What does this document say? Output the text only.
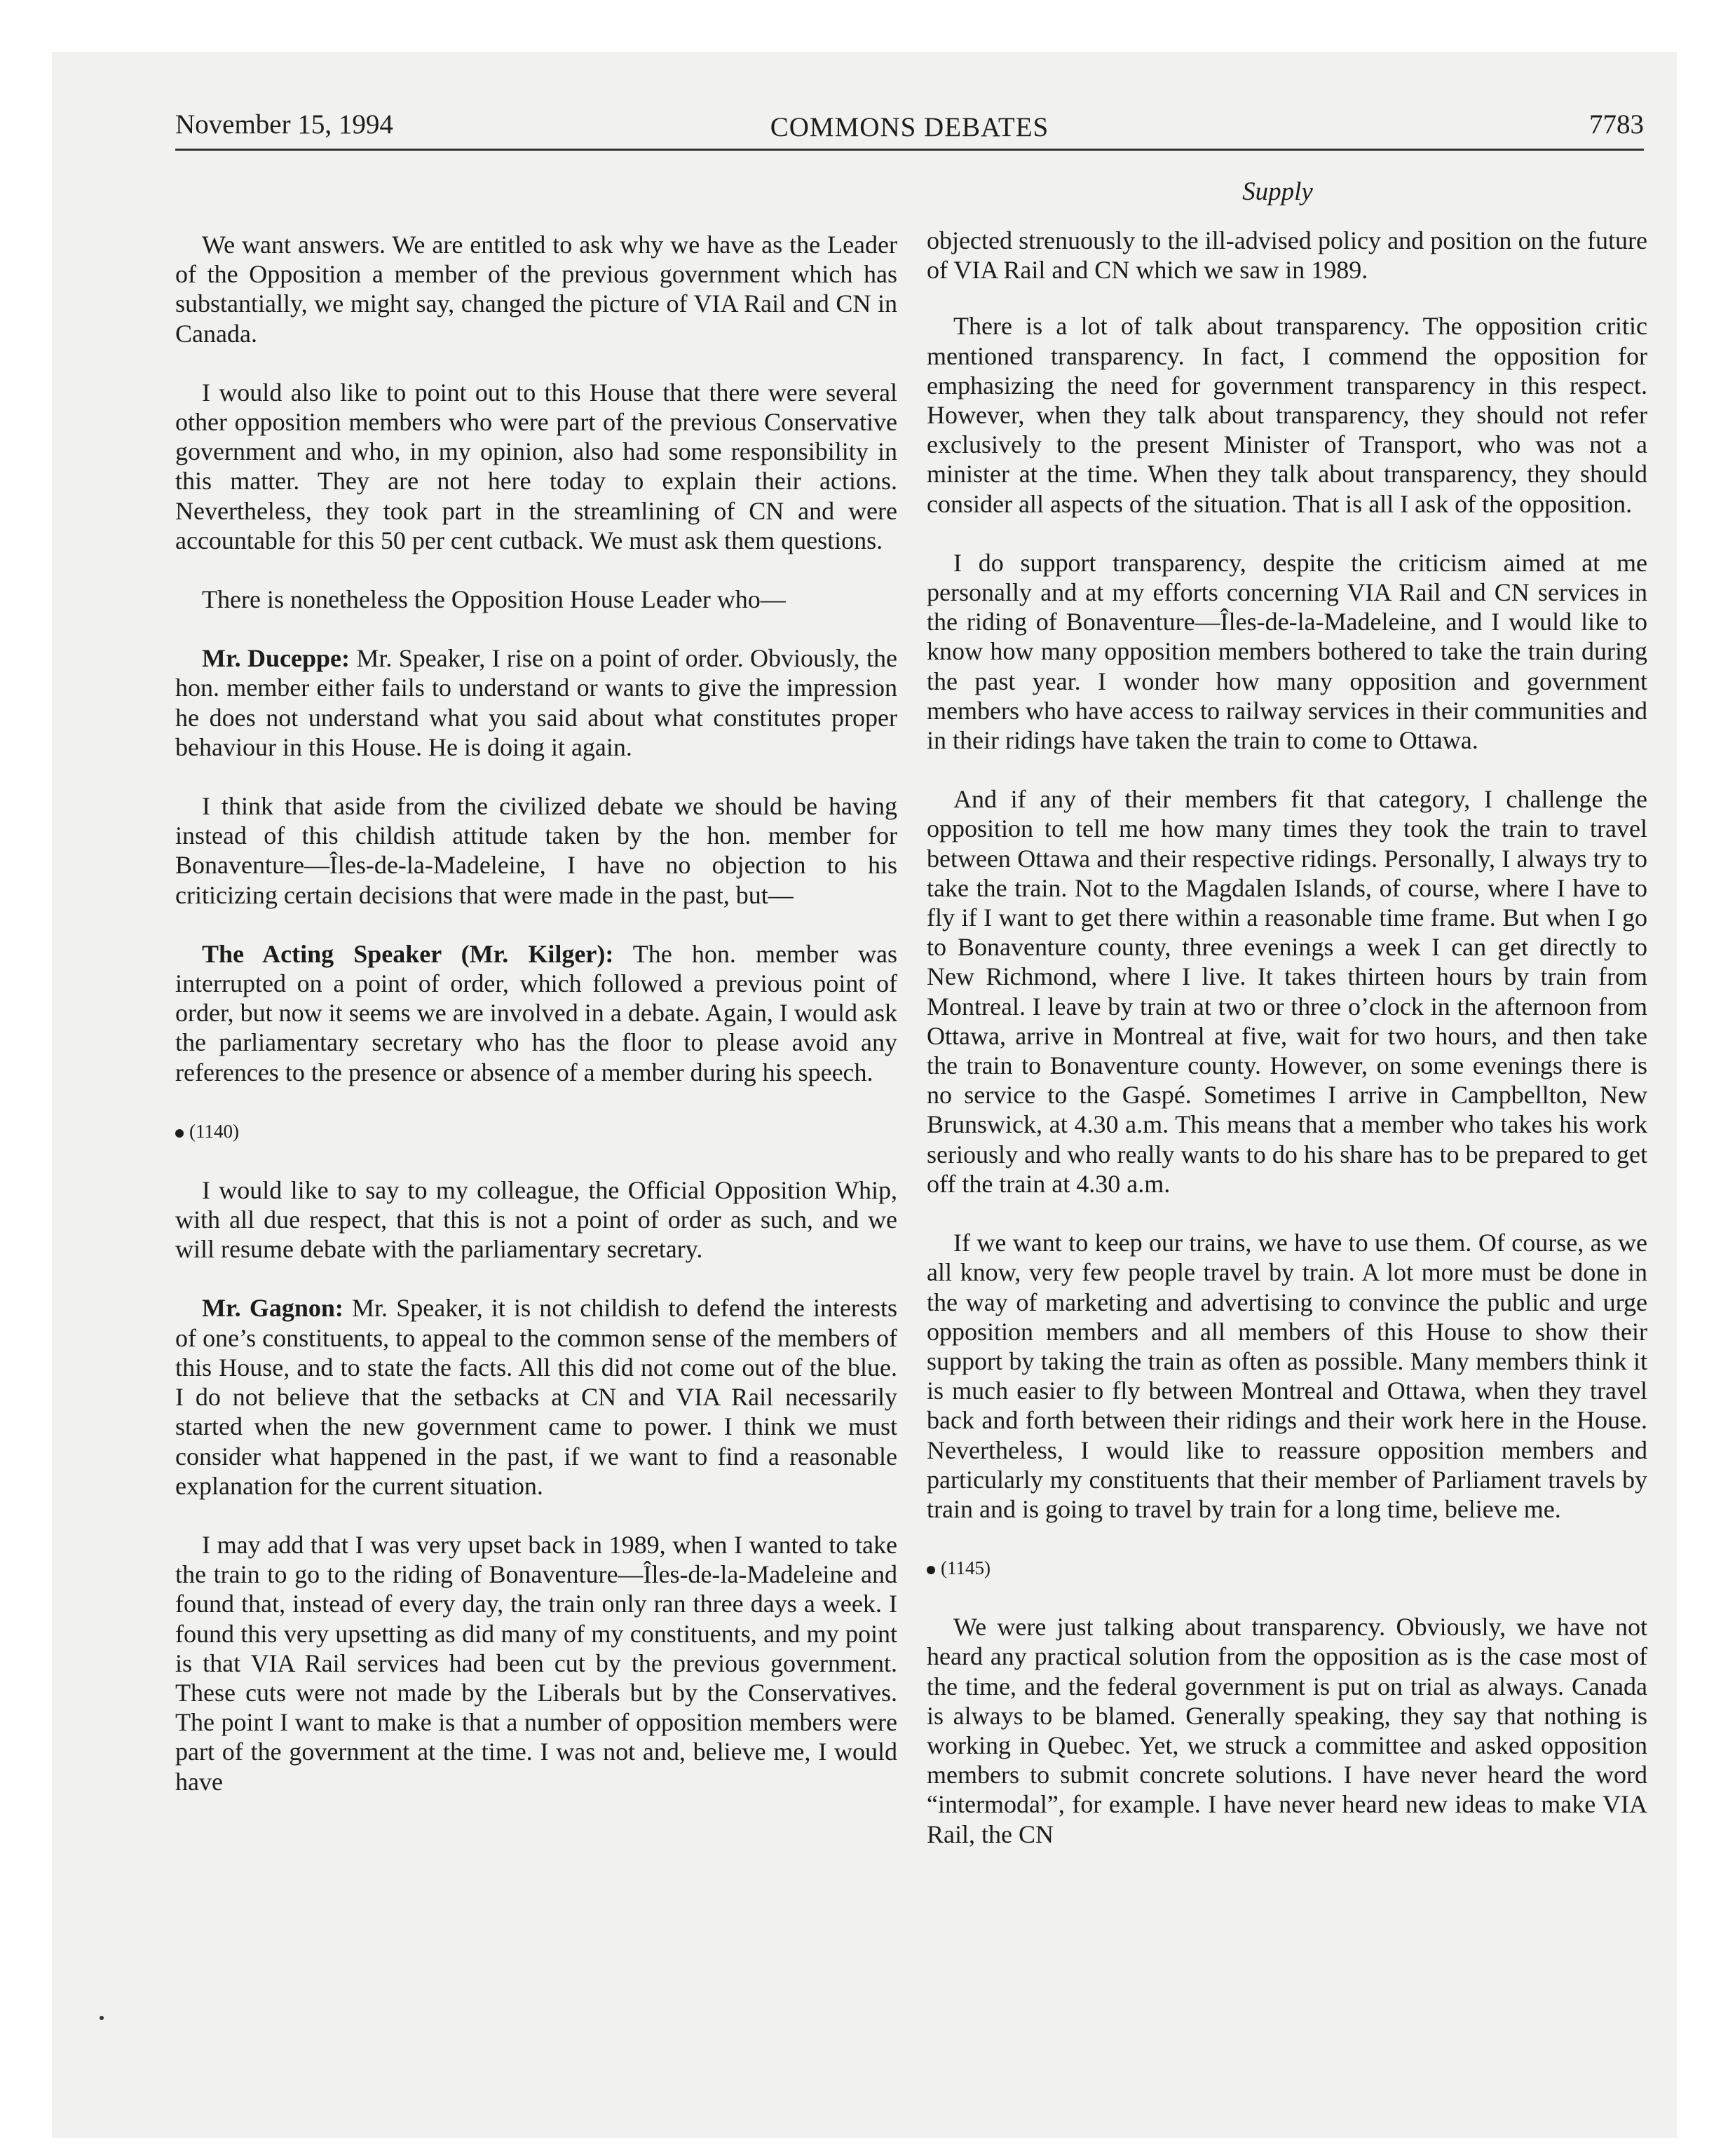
November 15, 1994	COMMONS DEBATES	7783
Supply

We want answers. We are entitled to ask why we have as the Leader of the Opposition a member of the previous government which has substantially, we might say, changed the picture of VIA Rail and CN in Canada.

I would also like to point out to this House that there were several other opposition members who were part of the previous Conservative government and who, in my opinion, also had some responsibility in this matter. They are not here today to explain their actions. Nevertheless, they took part in the streamlining of CN and were accountable for this 50 per cent cutback. We must ask them questions.

There is nonetheless the Opposition House Leader who—

Mr. Duceppe: Mr. Speaker, I rise on a point of order. Obviously, the hon. member either fails to understand or wants to give the impression he does not understand what you said about what constitutes proper behaviour in this House. He is doing it again.

I think that aside from the civilized debate we should be having instead of this childish attitude taken by the hon. member for Bonaventure—Îles-de-la-Madeleine, I have no objection to his criticizing certain decisions that were made in the past, but—

The Acting Speaker (Mr. Kilger): The hon. member was interrupted on a point of order, which followed a previous point of order, but now it seems we are involved in a debate. Again, I would ask the parliamentary secretary who has the floor to please avoid any references to the presence or absence of a member during his speech.

(1140)

I would like to say to my colleague, the Official Opposition Whip, with all due respect, that this is not a point of order as such, and we will resume debate with the parliamentary secretary.

Mr. Gagnon: Mr. Speaker, it is not childish to defend the interests of one’s constituents, to appeal to the common sense of the members of this House, and to state the facts. All this did not come out of the blue. I do not believe that the setbacks at CN and VIA Rail necessarily started when the new government came to power. I think we must consider what happened in the past, if we want to find a reasonable explanation for the current situation.

I may add that I was very upset back in 1989, when I wanted to take the train to go to the riding of Bonaventure—Îles-de-la-Madeleine and found that, instead of every day, the train only ran three days a week. I found this very upsetting as did many of my constituents, and my point is that VIA Rail services had been cut by the previous government. These cuts were not made by the Liberals but by the Conservatives. The point I want to make is that a number of opposition members were part of the government at the time. I was not and, believe me, I would have

objected strenuously to the ill-advised policy and position on the future of VIA Rail and CN which we saw in 1989.

There is a lot of talk about transparency. The opposition critic mentioned transparency. In fact, I commend the opposition for emphasizing the need for government transparency in this respect. However, when they talk about transparency, they should not refer exclusively to the present Minister of Transport, who was not a minister at the time. When they talk about transparency, they should consider all aspects of the situation. That is all I ask of the opposition.

I do support transparency, despite the criticism aimed at me personally and at my efforts concerning VIA Rail and CN services in the riding of Bonaventure—Îles-de-la-Madeleine, and I would like to know how many opposition members bothered to take the train during the past year. I wonder how many opposition and government members who have access to railway services in their communities and in their ridings have taken the train to come to Ottawa.

And if any of their members fit that category, I challenge the opposition to tell me how many times they took the train to travel between Ottawa and their respective ridings. Personally, I always try to take the train. Not to the Magdalen Islands, of course, where I have to fly if I want to get there within a reasonable time frame. But when I go to Bonaventure county, three evenings a week I can get directly to New Richmond, where I live. It takes thirteen hours by train from Montreal. I leave by train at two or three o’clock in the afternoon from Ottawa, arrive in Montreal at five, wait for two hours, and then take the train to Bonaventure county. However, on some evenings there is no service to the Gaspé. Sometimes I arrive in Campbellton, New Brunswick, at 4.30 a.m. This means that a member who takes his work seriously and who really wants to do his share has to be prepared to get off the train at 4.30 a.m.

If we want to keep our trains, we have to use them. Of course, as we all know, very few people travel by train. A lot more must be done in the way of marketing and advertising to convince the public and urge opposition members and all members of this House to show their support by taking the train as often as possible. Many members think it is much easier to fly between Montreal and Ottawa, when they travel back and forth between their ridings and their work here in the House. Nevertheless, I would like to reassure opposition members and particularly my constituents that their member of Parliament travels by train and is going to travel by train for a long time, believe me.

(1145)

We were just talking about transparency. Obviously, we have not heard any practical solution from the opposition as is the case most of the time, and the federal government is put on trial as always. Canada is always to be blamed. Generally speaking, they say that nothing is working in Quebec. Yet, we struck a committee and asked opposition members to submit concrete solutions. I have never heard the word “intermodal”, for example. I have never heard new ideas to make VIA Rail, the CN
